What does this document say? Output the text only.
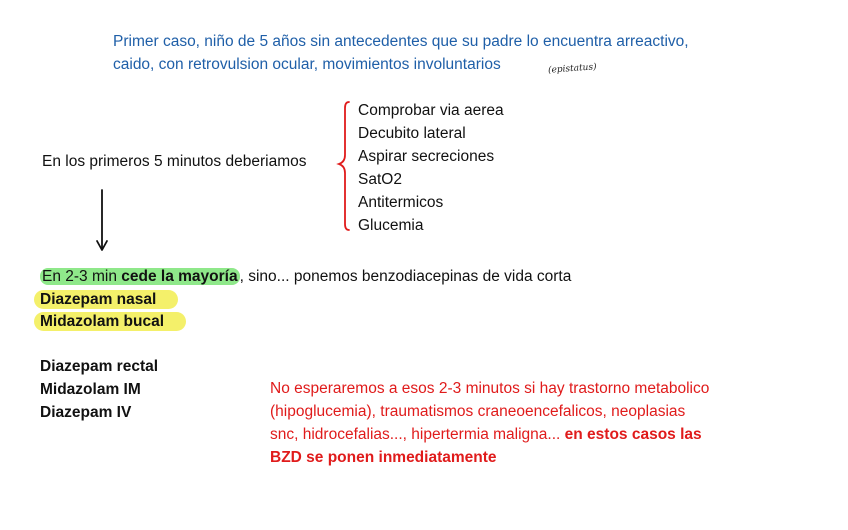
Primer caso, niño de 5 años sin antecedentes que su padre lo encuentra arreactivo,
caido, con retrovulsion ocular, movimientos involuntarios	(epistatus)
En los primeros 5 minutos deberiamos
Comprobar via aerea
Decubito lateral
Aspirar secreciones
SatO2
Antitermicos
Glucemia
En 2-3 min cede la mayoría , sino... ponemos benzodiacepinas de vida corta
Diazepam nasal
Midazolam bucal
Diazepam rectal
Midazolam IM
Diazepam IV
No esperaremos a esos 2-3 minutos si hay trastorno metabolico
(hipoglucemia), traumatismos craneoencefalicos, neoplasias
snc, hidrocefalias..., hipertermia maligna... en estos casos las
BZD se ponen inmediatamente
